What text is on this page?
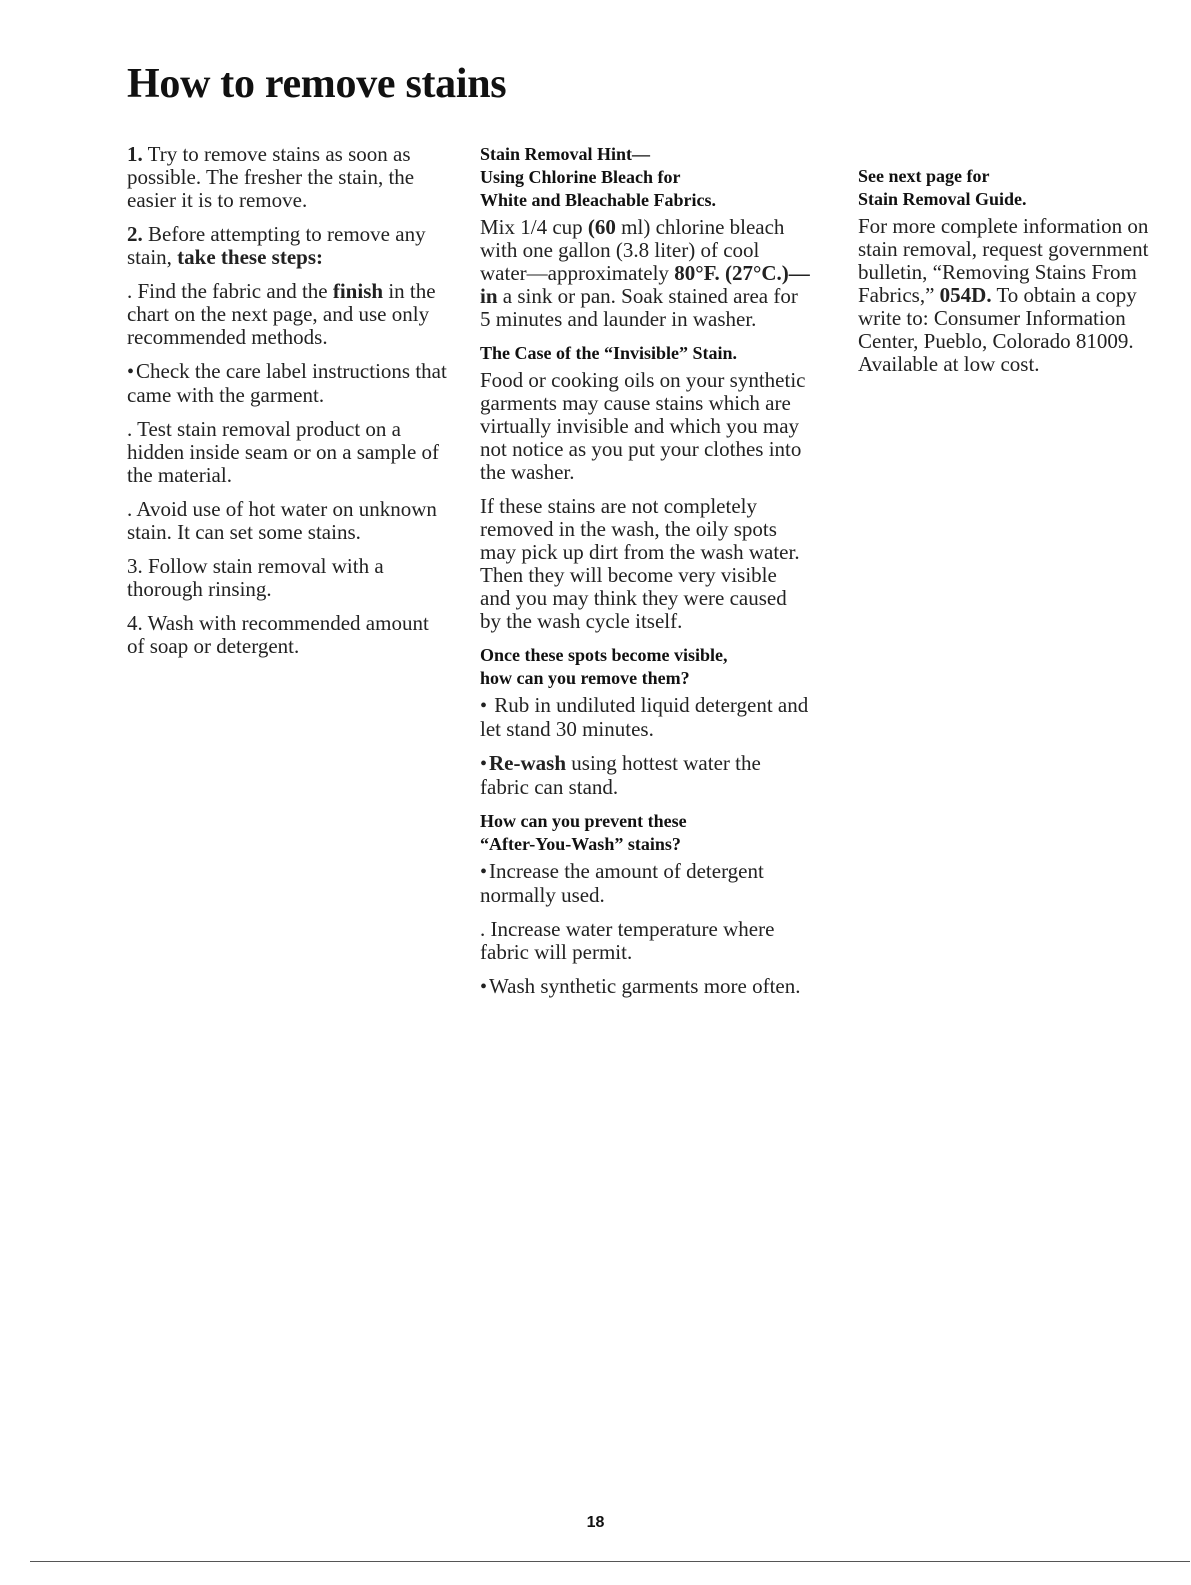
How to remove stains

1. Try to remove stains as soon as possible. The fresher the stain, the easier it is to remove.

2. Before attempting to remove any stain, take these steps:

. Find the fabric and the finish in the chart on the next page, and use only recommended methods.

•Check the care label instructions that came with the garment.

. Test stain removal product on a hidden inside seam or on a sample of the material.

. Avoid use of hot water on unknown stain. It can set some stains.

3. Follow stain removal with a thorough rinsing.

4. Wash with recommended amount of soap or detergent.

Stain Removal Hint—
Using Chlorine Bleach for
White and Bleachable Fabrics.

Mix 1/4 cup (60 ml) chlorine bleach with one gallon (3.8 liter) of cool water—approximately 80°F. (27°C.)—in a sink or pan. Soak stained area for 5 minutes and launder in washer.

The Case of the “Invisible” Stain.

Food or cooking oils on your synthetic garments may cause stains which are virtually invisible and which you may not notice as you put your clothes into the washer.

If these stains are not completely removed in the wash, the oily spots may pick up dirt from the wash water. Then they will become very visible and you may think they were caused by the wash cycle itself.

Once these spots become visible,
how can you remove them?

• Rub in undiluted liquid detergent and let stand 30 minutes.

•Re-wash using hottest water the fabric can stand.

How can you prevent these
“After-You-Wash” stains?

•Increase the amount of detergent normally used.

. Increase water temperature where fabric will permit.

•Wash synthetic garments more often.

See next page for
Stain Removal Guide.

For more complete information on stain removal, request government bulletin, “Removing Stains From Fabrics,” 054D. To obtain a copy write to: Consumer Information Center, Pueblo, Colorado 81009. Available at low cost.

18
